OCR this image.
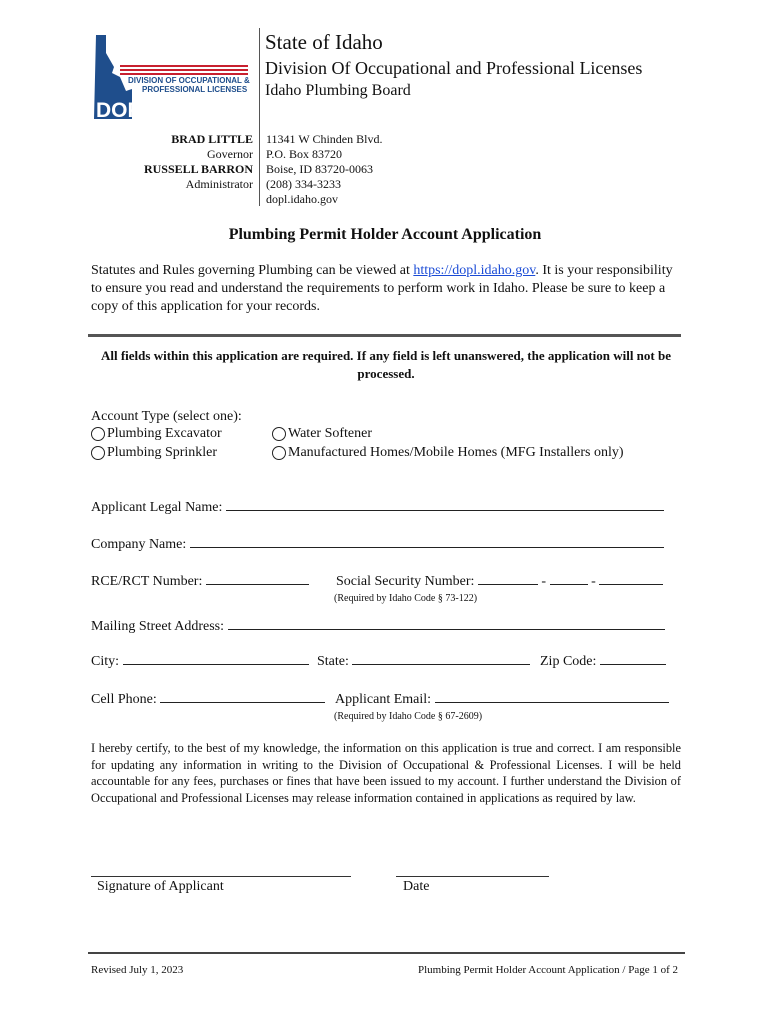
DIVISION OF OCCUPATIONAL &
PROFESSIONAL LICENSES
DOPL
State of Idaho
Division Of Occupational and Professional Licenses
Idaho Plumbing Board
BRAD LITTLE
Governor
RUSSELL BARRON
Administrator
11341 W Chinden Blvd.
P.O. Box 83720
Boise, ID 83720-0063
(208) 334-3233
dopl.idaho.gov
Plumbing Permit Holder Account Application
Statutes and Rules governing Plumbing can be viewed at https://dopl.idaho.gov. It is your responsibility to ensure you read and understand the requirements to perform work in Idaho. Please be sure to keep a copy of this application for your records.
All fields within this application are required. If any field is left unanswered, the application will not be processed.
Account Type (select one):
Plumbing Excavator
Plumbing Sprinkler
Water Softener
Manufactured Homes/Mobile Homes (MFG Installers only)
Applicant Legal Name:
Company Name:
RCE/RCT Number:	Social Security Number:	-	-
(Required by Idaho Code § 73-122)
Mailing Street Address:
City:	State:	Zip Code:
Cell Phone:	Applicant Email:
(Required by Idaho Code § 67-2609)
I hereby certify, to the best of my knowledge, the information on this application is true and correct. I am responsible for updating any information in writing to the Division of Occupational & Professional Licenses. I will be held accountable for any fees, purchases or fines that have been issued to my account. I further understand the Division of Occupational and Professional Licenses may release information contained in applications as required by law.
Signature of Applicant	Date
Revised July 1, 2023	Plumbing Permit Holder Account Application / Page 1 of 2
